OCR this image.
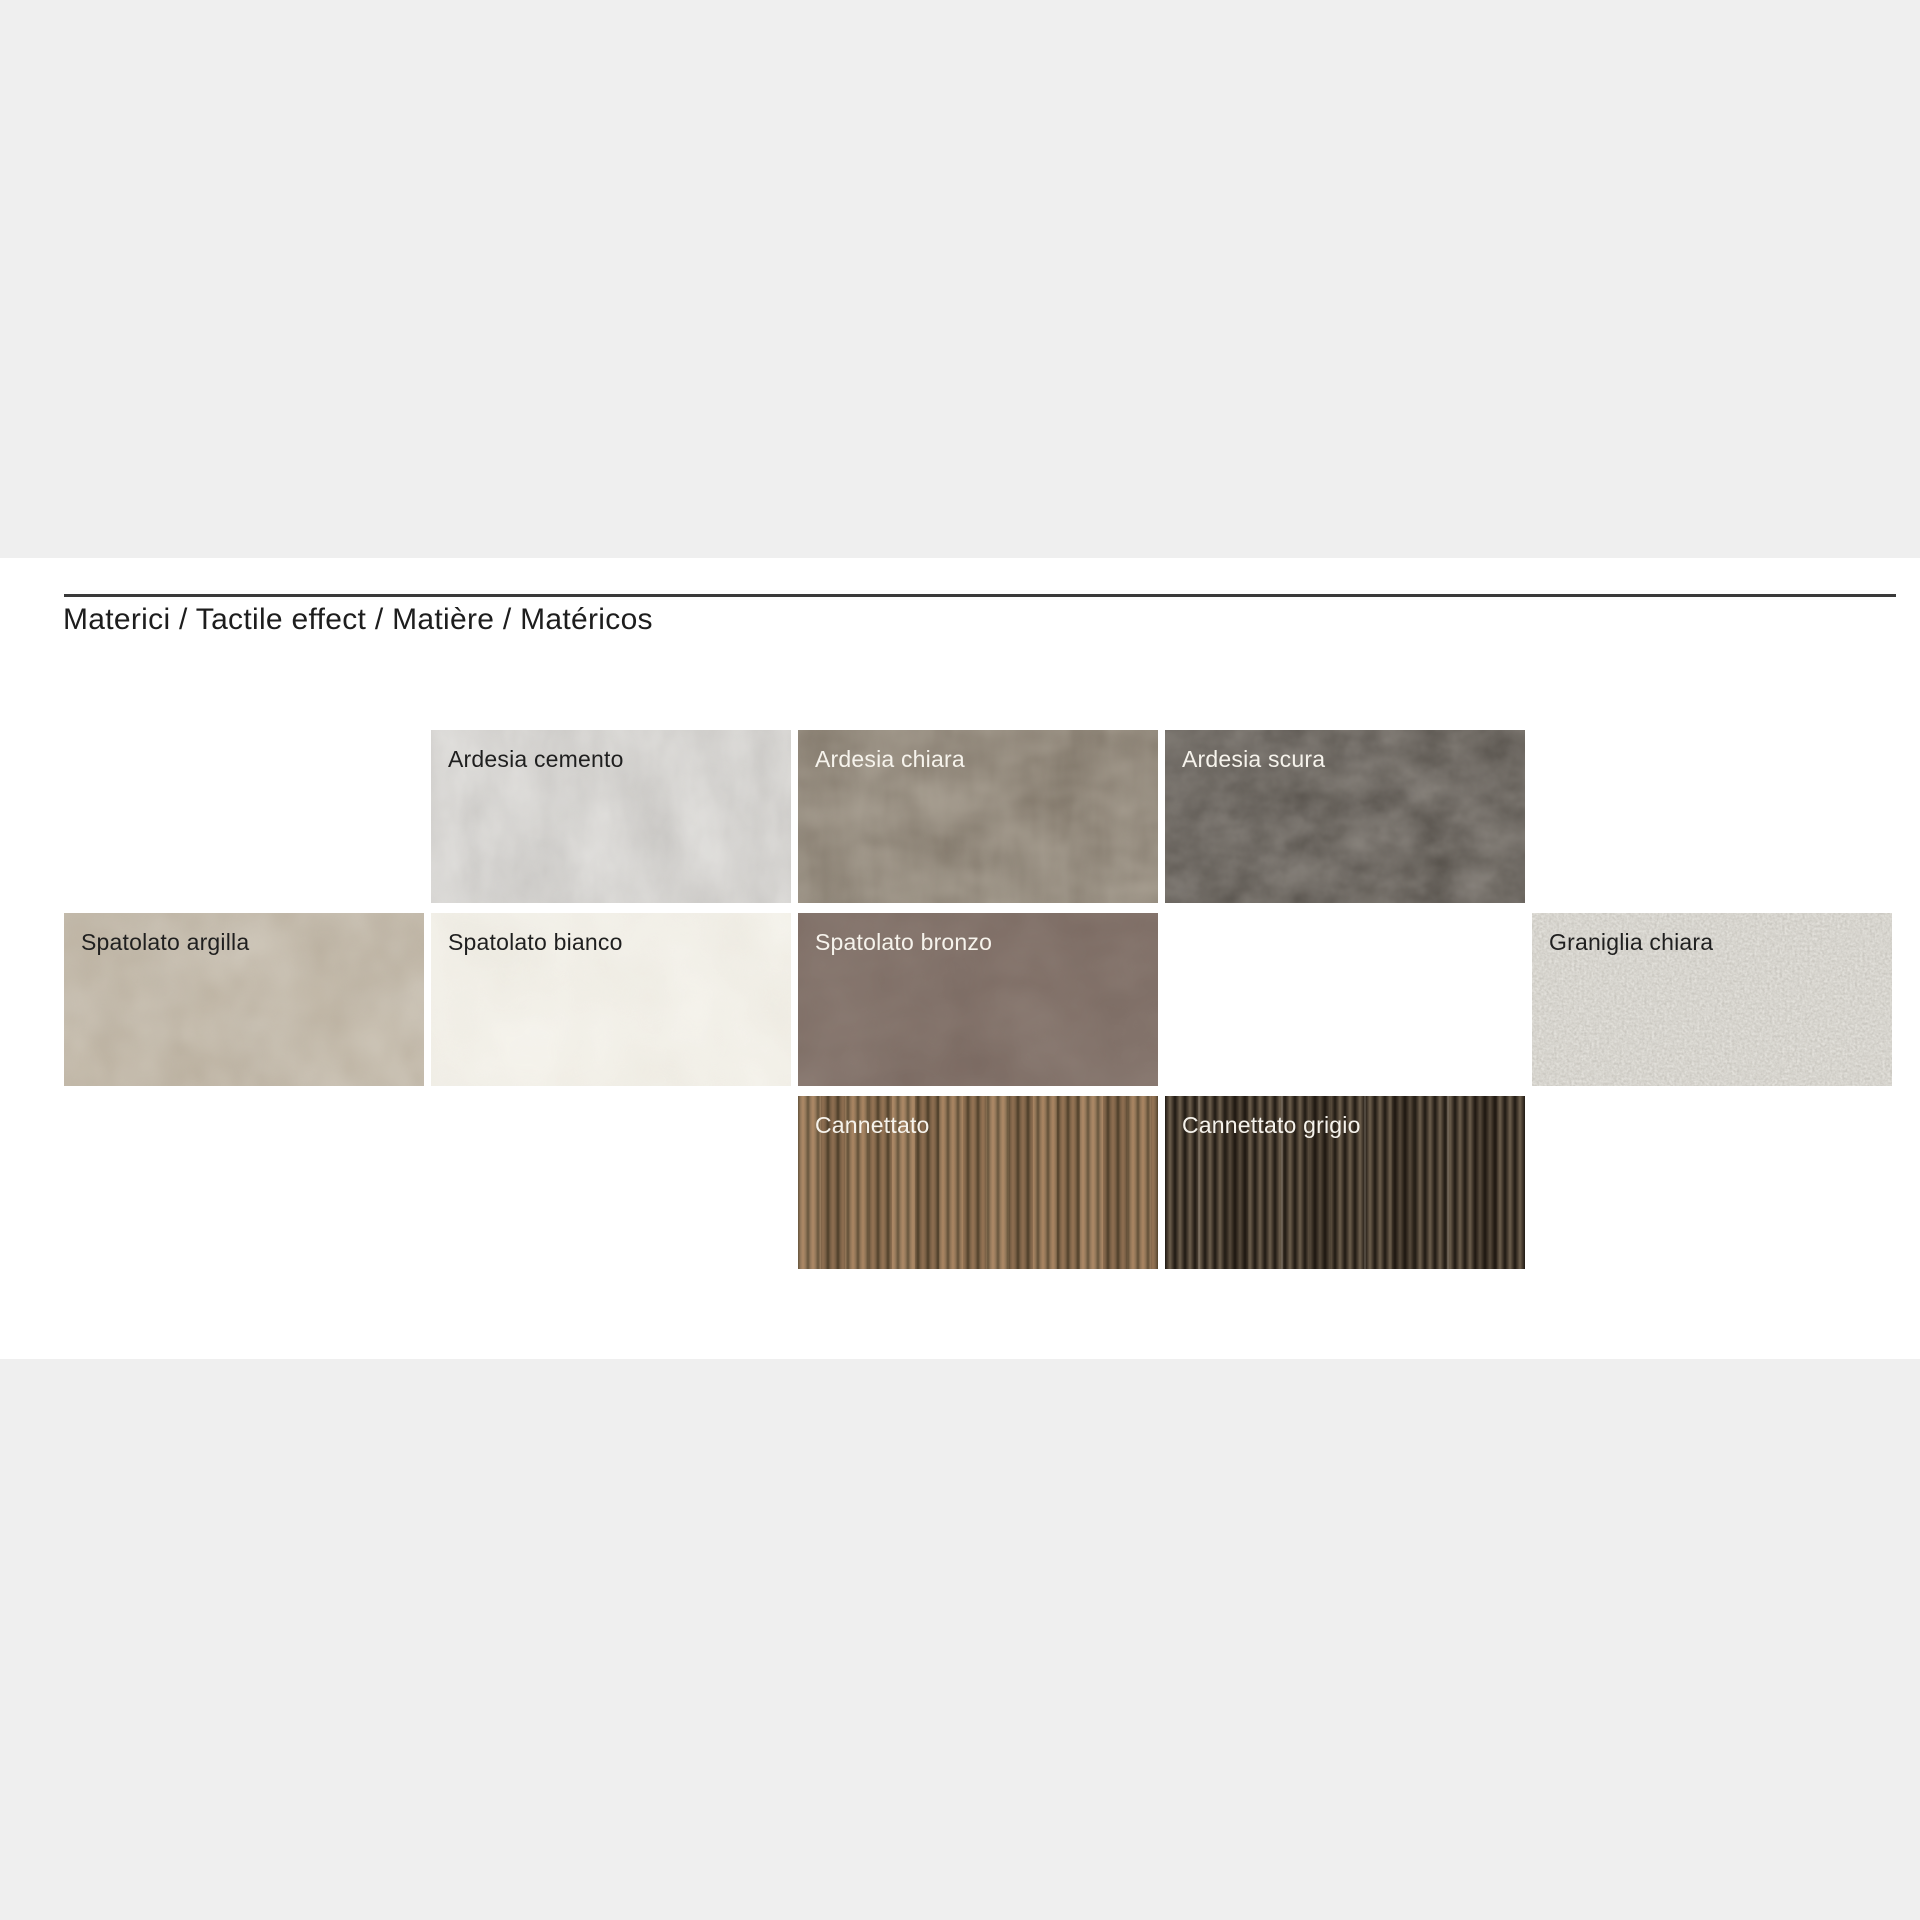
Materici / Tactile effect / Matière / Matéricos
Ardesia cemento	Ardesia chiara	Ardesia scura
Spatolato argilla	Spatolato bianco	Spatolato bronzo	Graniglia chiara
Cannettato	Cannettato grigio
